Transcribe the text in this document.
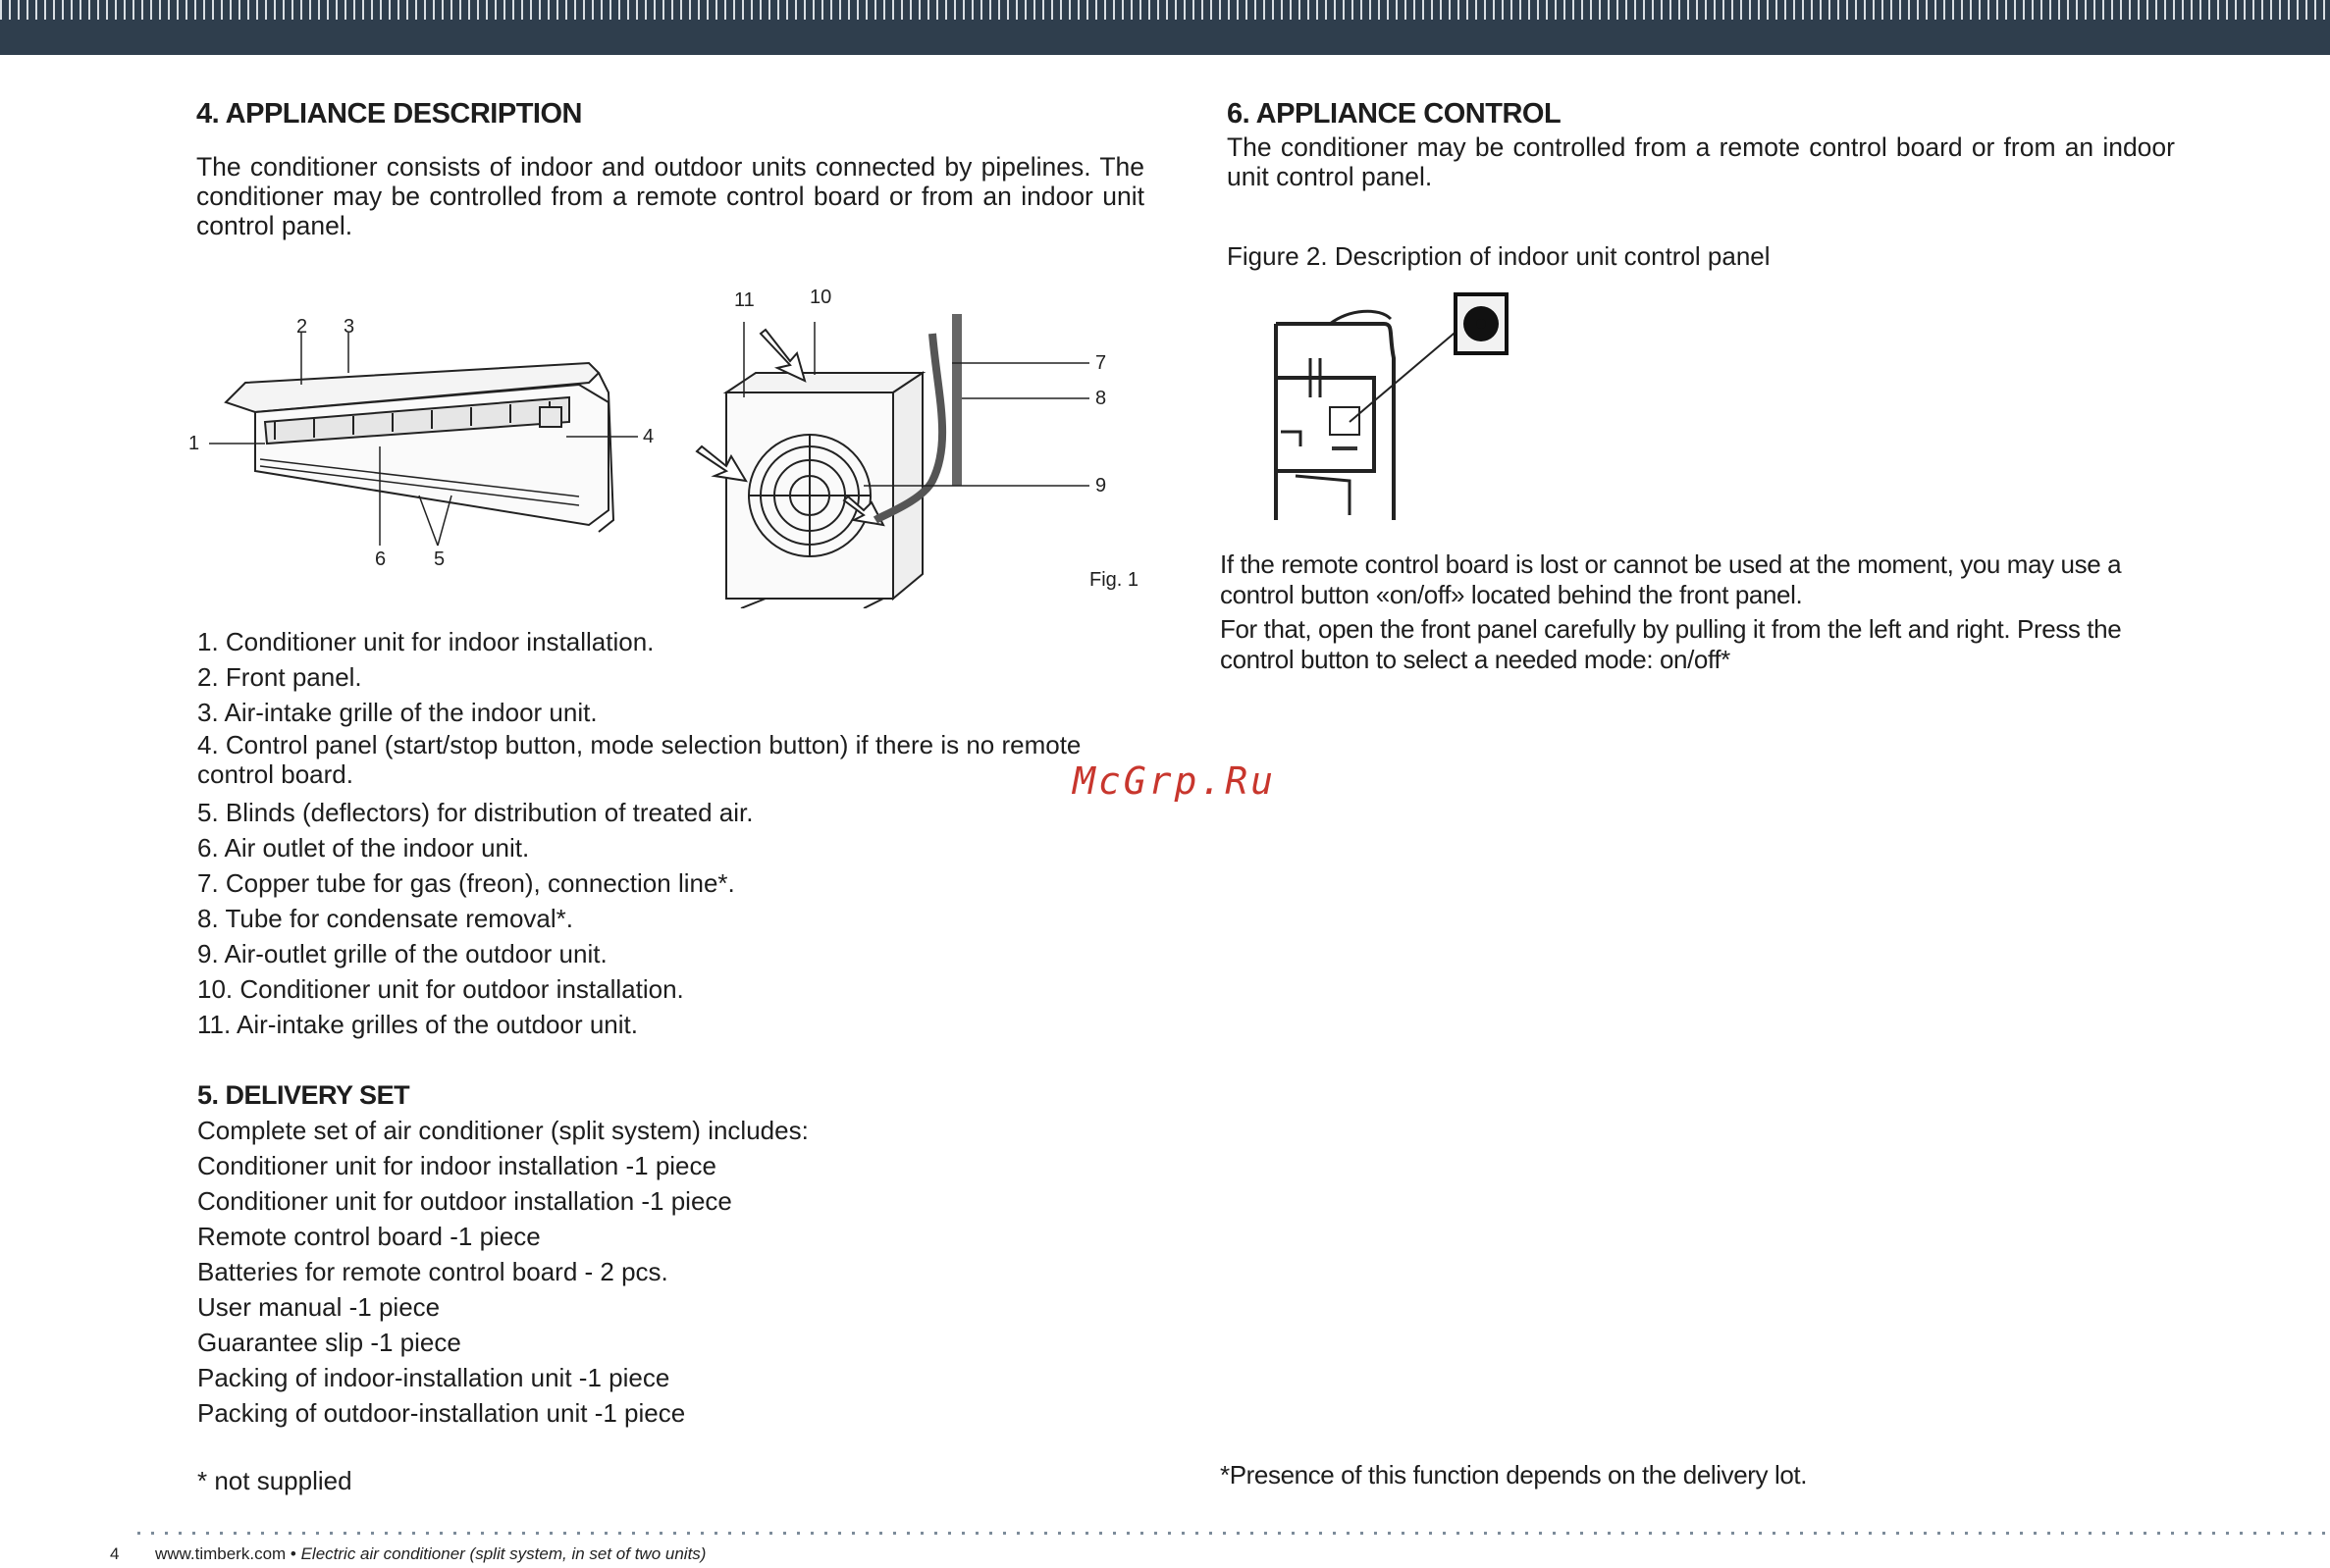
4. APPLIANCE DESCRIPTION

The conditioner consists of indoor and outdoor units connected by pipelines. The conditioner may be controlled from a remote control board or from an indoor unit control panel.

1
2 3
4
5
6
7
8
9
10
11
Fig. 1
1. Conditioner unit for indoor installation.
2. Front panel.
3. Air-intake grille of the indoor unit.
4. Control panel (start/stop button, mode selection button) if there is no remote control board.
5. Blinds (deflectors) for distribution of treated air.
6. Air outlet of the indoor unit.
7. Copper tube for gas (freon), connection line*.
8. Tube for condensate removal*.
9. Air-outlet grille of the outdoor unit.
10. Conditioner unit for outdoor installation.
11. Air-intake grilles of the outdoor unit.
5. DELIVERY SET
Complete set of air conditioner (split system) includes:
Conditioner unit for indoor installation -1 piece
Conditioner unit for outdoor installation -1 piece
Remote control board -1 piece
Batteries for remote control board - 2 pcs.
User manual -1 piece
Guarantee slip -1 piece
Packing of indoor-installation unit -1 piece
Packing of outdoor-installation unit -1 piece
* not supplied
6. APPLIANCE CONTROL

The conditioner may be controlled from a remote control board or from an indoor unit control panel.

Figure 2. Description of indoor unit control panel

If the remote control board is lost or cannot be used at the moment, you may use a control button «on/off» located behind the front panel.

For that, open the front panel carefully by pulling it from the left and right. Press the control button to select a needed mode: on/off*

*Presence of this function depends on the delivery lot.
McGrp.Ru
4 www.timberk.com • Electric air conditioner (split system, in set of two units)
